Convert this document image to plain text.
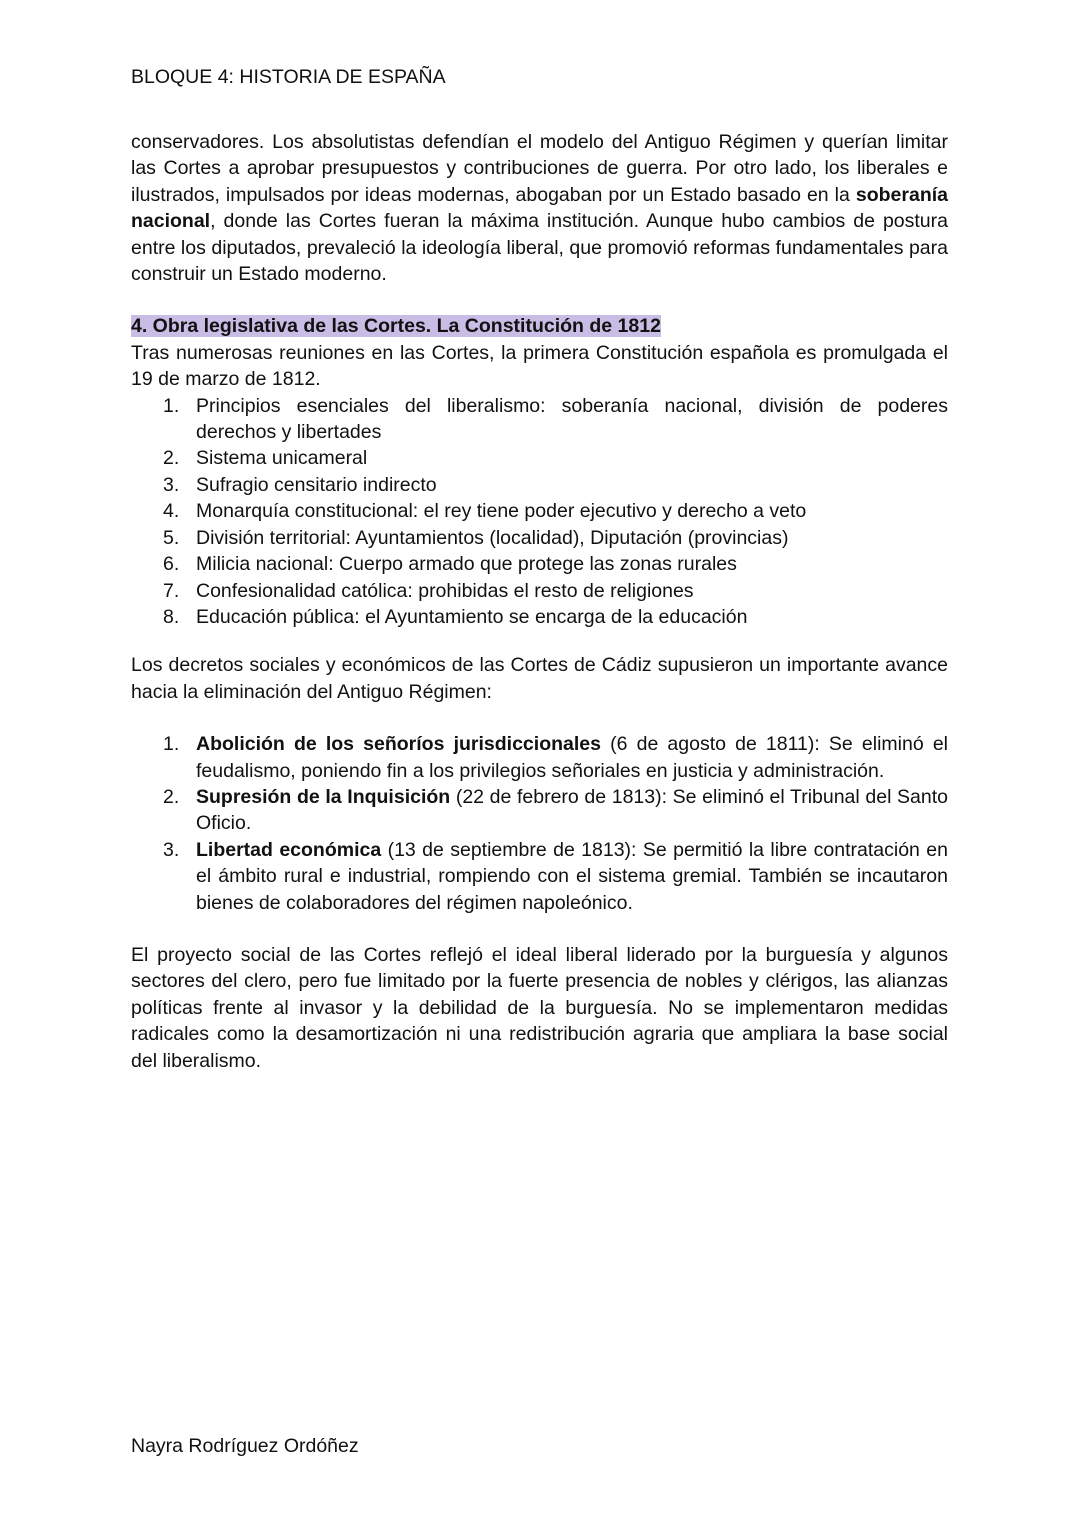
BLOQUE 4: HISTORIA DE ESPAÑA

conservadores. Los absolutistas defendían el modelo del Antiguo Régimen y querían limitar las Cortes a aprobar presupuestos y contribuciones de guerra. Por otro lado, los liberales e ilustrados, impulsados por ideas modernas, abogaban por un Estado basado en la soberanía nacional, donde las Cortes fueran la máxima institución. Aunque hubo cambios de postura entre los diputados, prevaleció la ideología liberal, que promovió reformas fundamentales para construir un Estado moderno.

4. Obra legislativa de las Cortes. La Constitución de 1812

Tras numerosas reuniones en las Cortes, la primera Constitución española es promulgada el 19 de marzo de 1812.

1. Principios esenciales del liberalismo: soberanía nacional, división de poderes derechos y libertades
2. Sistema unicameral
3. Sufragio censitario indirecto
4. Monarquía constitucional: el rey tiene poder ejecutivo y derecho a veto
5. División territorial: Ayuntamientos (localidad), Diputación (provincias)
6. Milicia nacional: Cuerpo armado que protege las zonas rurales
7. Confesionalidad católica: prohibidas el resto de religiones
8. Educación pública: el Ayuntamiento se encarga de la educación

Los decretos sociales y económicos de las Cortes de Cádiz supusieron un importante avance hacia la eliminación del Antiguo Régimen:

1. Abolición de los señoríos jurisdiccionales (6 de agosto de 1811): Se eliminó el feudalismo, poniendo fin a los privilegios señoriales en justicia y administración.
2. Supresión de la Inquisición (22 de febrero de 1813): Se eliminó el Tribunal del Santo Oficio.
3. Libertad económica (13 de septiembre de 1813): Se permitió la libre contratación en el ámbito rural e industrial, rompiendo con el sistema gremial. También se incautaron bienes de colaboradores del régimen napoleónico.

El proyecto social de las Cortes reflejó el ideal liberal liderado por la burguesía y algunos sectores del clero, pero fue limitado por la fuerte presencia de nobles y clérigos, las alianzas políticas frente al invasor y la debilidad de la burguesía. No se implementaron medidas radicales como la desamortización ni una redistribución agraria que ampliara la base social del liberalismo.

Nayra Rodríguez Ordóñez
